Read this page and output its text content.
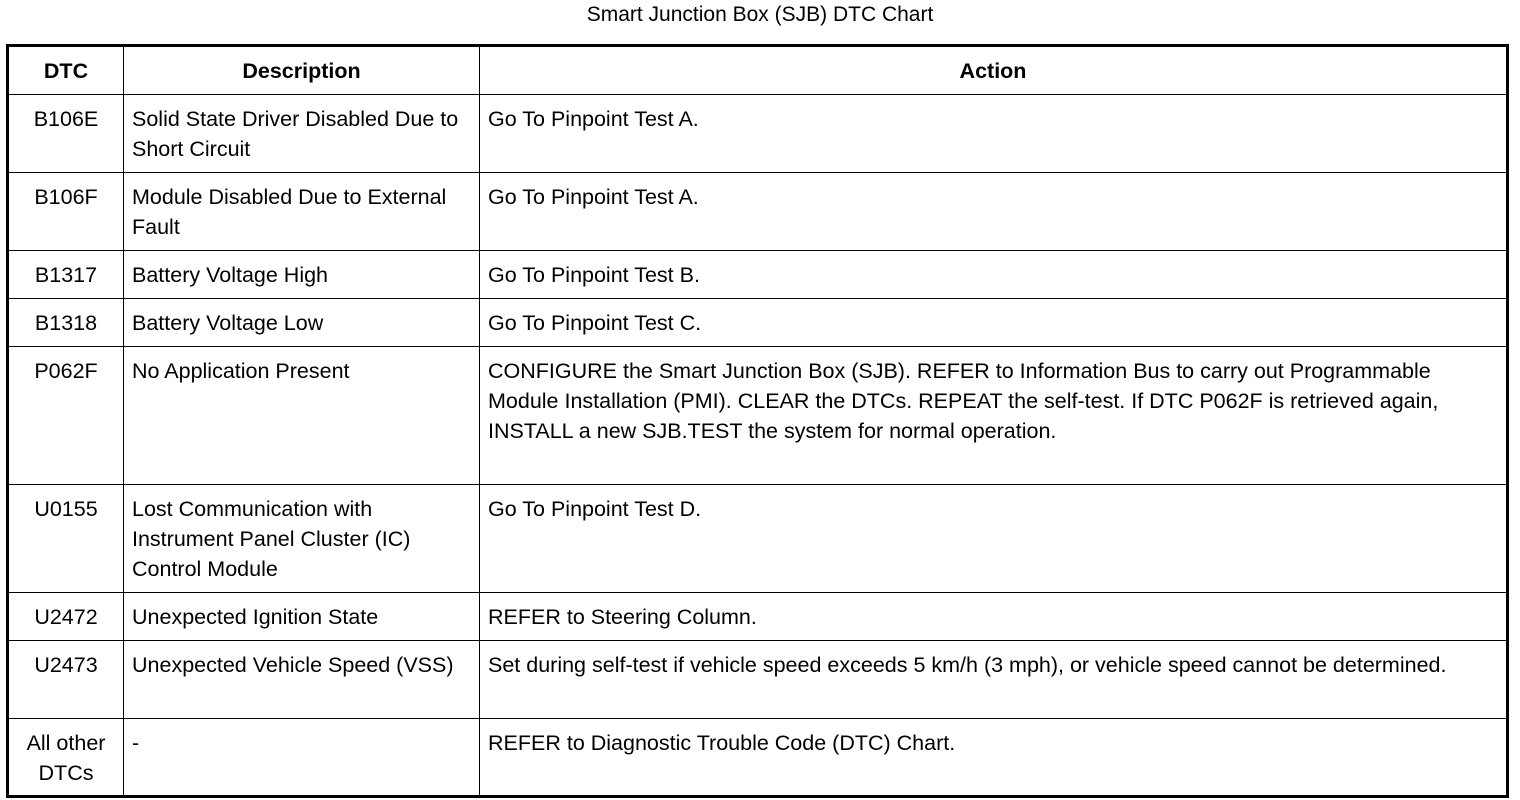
Smart Junction Box (SJB) DTC Chart
DTC	Description	Action
B106E	Solid State Driver Disabled Due to Short Circuit	Go To Pinpoint Test A.
B106F	Module Disabled Due to External Fault	Go To Pinpoint Test A.
B1317	Battery Voltage High	Go To Pinpoint Test B.
B1318	Battery Voltage Low	Go To Pinpoint Test C.
P062F	No Application Present	CONFIGURE the Smart Junction Box (SJB). REFER to Information Bus to carry out Programmable Module Installation (PMI). CLEAR the DTCs. REPEAT the self-test. If DTC P062F is retrieved again, INSTALL a new SJB.TEST the system for normal operation.
U0155	Lost Communication with Instrument Panel Cluster (IC) Control Module	Go To Pinpoint Test D.
U2472	Unexpected Ignition State	REFER to Steering Column.
U2473	Unexpected Vehicle Speed (VSS)	Set during self-test if vehicle speed exceeds 5 km/h (3 mph), or vehicle speed cannot be determined.
All other DTCs	-	REFER to Diagnostic Trouble Code (DTC) Chart.
